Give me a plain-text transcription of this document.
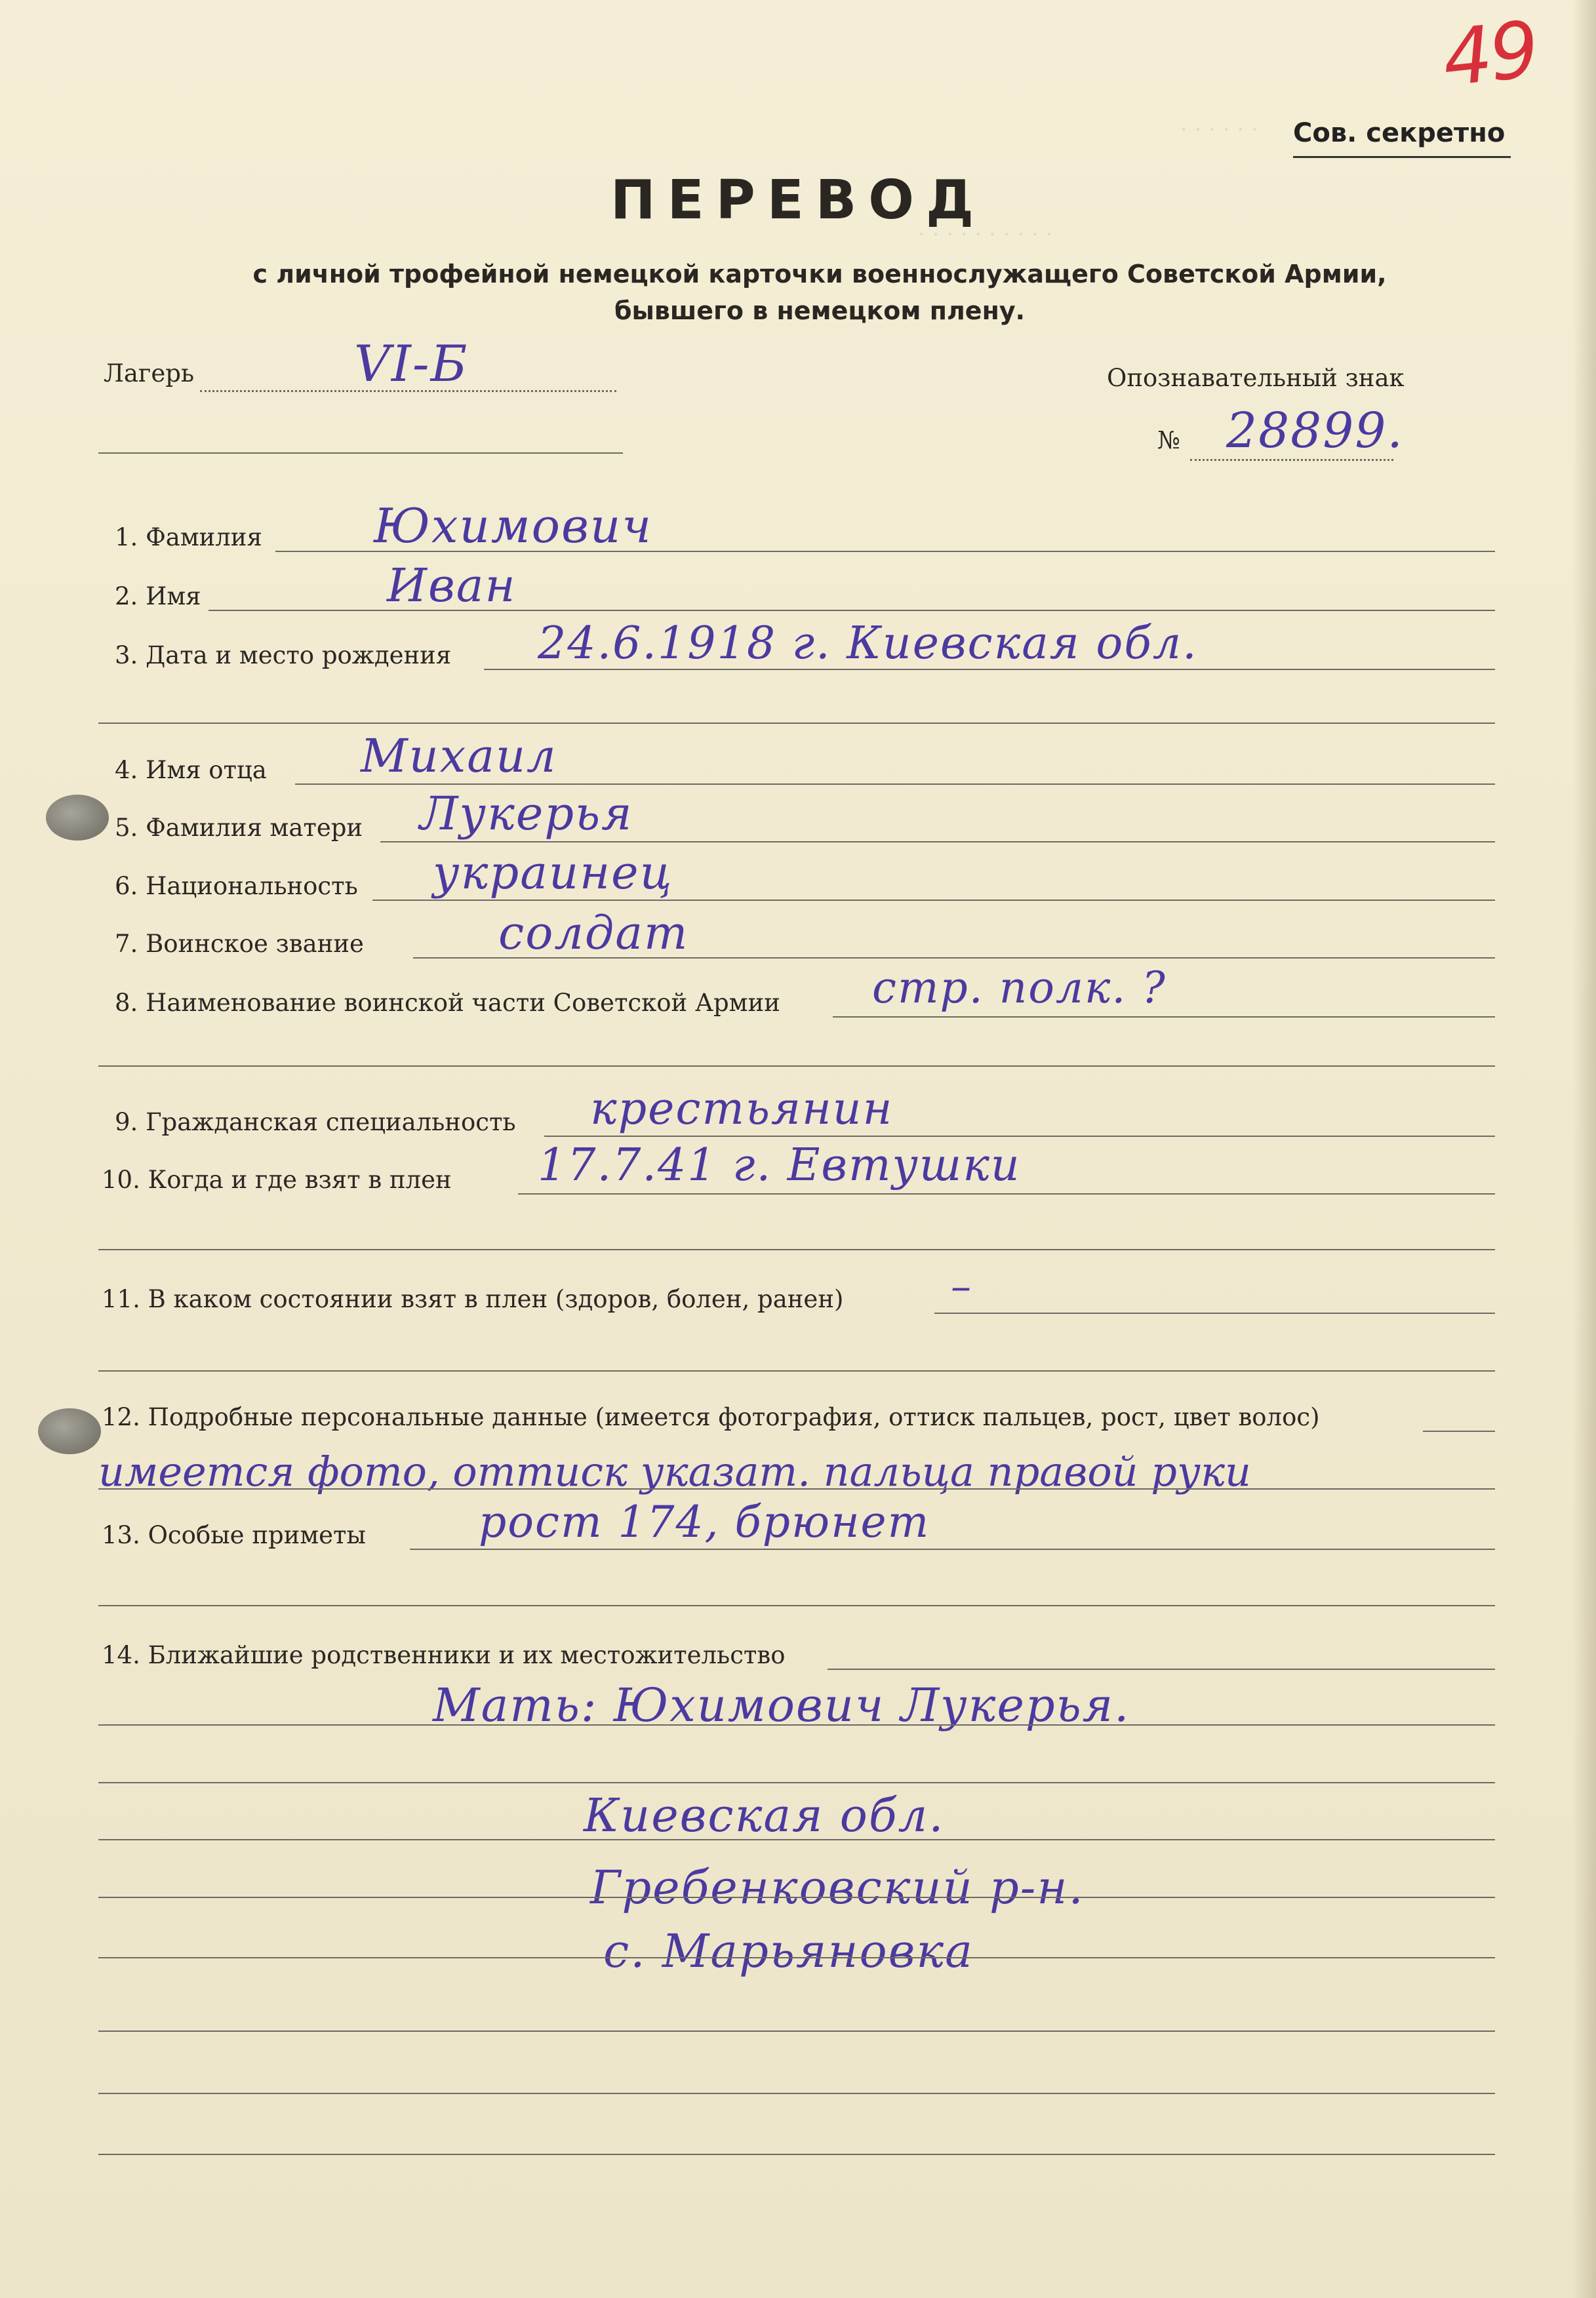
· · · · · ·
· · · · · · · · · ·
49
Сов. секретно
ПЕРЕВОД
с личной трофейной немецкой карточки военнослужащего Советской Армии,
бывшего в немецком плену.
Лагерь	VI-Б	Опознавательный знак
№ 28899.
1. Фамилия Юхимович
2. Имя	Иван
3. Дата и место рождения 24.6.1918 г. Киевская обл.
4. Имя отца Михаил
5. Фамилия матери Лукерья
6. Национальность украинец
7. Воинское звание	солдат
8. Наименование воинской части Советской Армии стр. полк. ?
9. Гражданская специальность крестьянин
10. Когда и где взят в плен 17.7.41 г. Евтушки
11. В каком состоянии взят в плен (здоров, болен, ранен)	–
12. Подробные персональные данные (имеется фотография, оттиск пальцев, рост, цвет волос)
имеется фото, оттиск указат. пальца правой руки
13. Особые приметы	рост 174, брюнет
14. Ближайшие родственники и их местожительство
Мать: Юхимович Лукерья.
Киевская обл.
Гребенковский р-н.
с. Марьяновка
